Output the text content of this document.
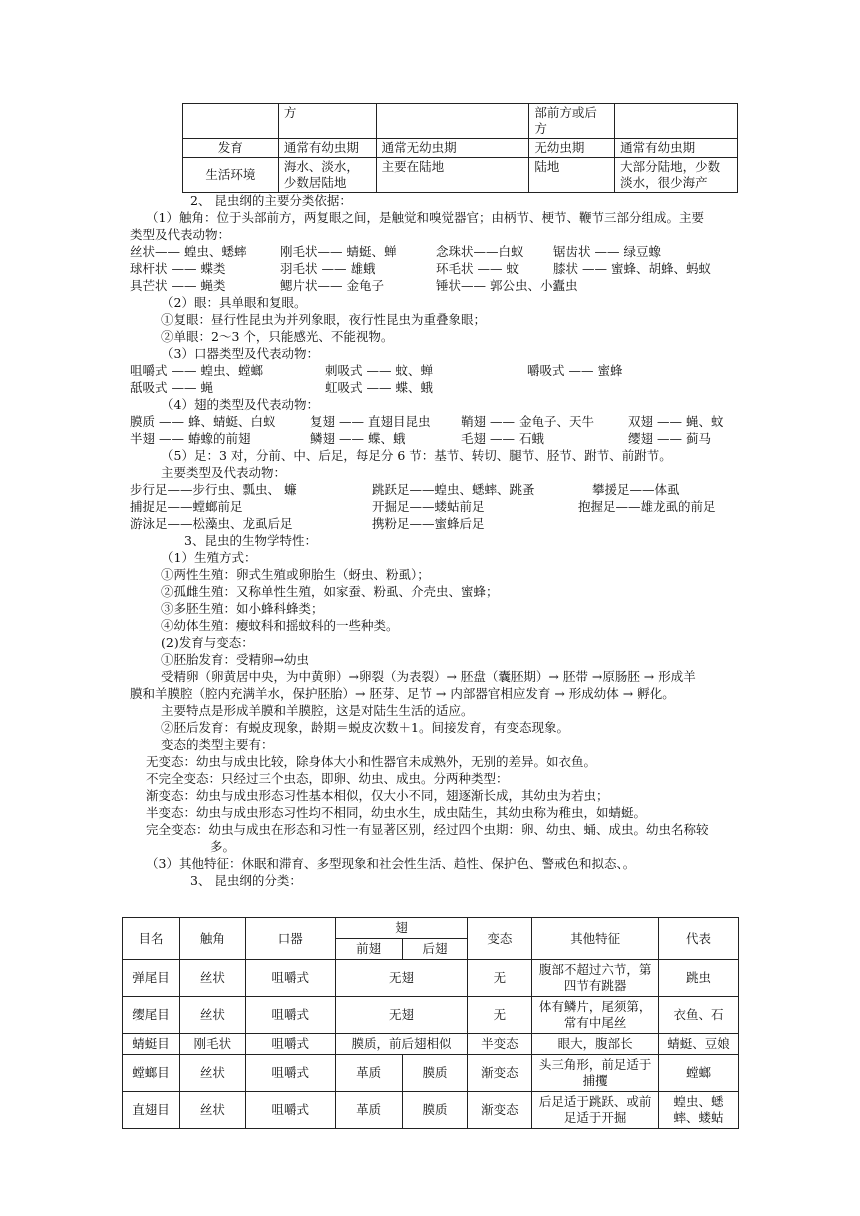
	方		部前方或后方	
发育	通常有幼虫期	通常无幼虫期	无幼虫期	通常有幼虫期
生活环境	海水、淡水，少数居陆地	主要在陆地	陆地	大部分陆地，少数淡水，很少海产
2、 昆虫纲的主要分类依据：
（1）触角：位于头部前方，两复眼之间，是触觉和嗅觉器官；由柄节、梗节、鞭节三部分组成。主要
类型及代表动物：
丝状—— 蝗虫、蟋蟀	刚毛状—— 蜻蜓、蝉	念珠状——白蚁 锯齿状 —— 绿豆蟓
球杆状 —— 蝶类	羽毛状 —— 雄蛾	环毛状 —— 蚊	膝状 —— 蜜蜂、胡蜂、蚂蚁
具芒状 —— 蝇类	鳃片状—— 金龟子	锤状—— 郭公虫、小蠹虫
（2）眼：具单眼和复眼。
①复眼：昼行性昆虫为并列象眼，夜行性昆虫为重叠象眼；
②单眼：2～3 个，只能感光、不能视物。
（3）口器类型及代表动物：
咀嚼式 —— 蝗虫、螳螂	刺吸式 —— 蚊、蝉	嚼吸式 —— 蜜蜂
舐吸式 —— 蝇	虹吸式 —— 蝶、蛾
（4）翅的类型及代表动物：
膜质 —— 蜂、蜻蜓、白蚁	复翅 —— 直翅目昆虫 鞘翅 —— 金龟子、天牛	双翅 —— 蝇、蚊
半翅 —— 蝽蟓的前翅	鳞翅 —— 蝶、蛾	毛翅 —— 石蛾	缨翅 —— 蓟马
（5）足：3 对，分前、中、后足，每足分 6 节：基节、转切、腿节、胫节、跗节、前跗节。
主要类型及代表动物：
步行足——步行虫、瓢虫、 蠊	跳跃足——蝗虫、蟋蟀、跳蚤	攀援足——体虱
捕捉足——螳螂前足	开掘足——蝼蛄前足	抱握足——雄龙虱的前足
游泳足——松藻虫、龙虱后足	携粉足——蜜蜂后足
3、昆虫的生物学特性：
（1）生殖方式：
①两性生殖：卵式生殖或卵胎生（蚜虫、粉虱）；
②孤雌生殖：又称单性生殖，如家蚕、粉虱、介壳虫、蜜蜂；
③多胚生殖：如小蜂科蜂类；
④幼体生殖：瘿蚊科和摇蚊科的一些种类。
(2)发育与变态：
①胚胎发育：受精卵→幼虫
受精卵（卵黄居中央，为中黄卵）→卵裂（为表裂）→ 胚盘（囊胚期）→ 胚带 →原肠胚 → 形成羊
膜和羊膜腔（腔内充满羊水，保护胚胎）→ 胚芽、足节 → 内部器官相应发育 → 形成幼体 → 孵化。
主要特点是形成羊膜和羊膜腔，这是对陆生生活的适应。
②胚后发育：有蜕皮现象，龄期＝蜕皮次数＋1。间接发育，有变态现象。
变态的类型主要有：
无变态：幼虫与成虫比较，除身体大小和性器官未成熟外，无别的差异。如衣鱼。
不完全变态：只经过三个虫态，即卵、幼虫、成虫。分两种类型：
渐变态：幼虫与成虫形态习性基本相似，仅大小不同，翅逐渐长成，其幼虫为若虫；
半变态：幼虫与成虫形态习性均不相同，幼虫水生，成虫陆生，其幼虫称为稚虫，如蜻蜓。
完全变态：幼虫与成虫在形态和习性一有显著区别，经过四个虫期：卵、幼虫、蛹、成虫。幼虫名称较
多。
（3）其他特征：休眠和滞育、多型现象和社会性生活、趋性、保护色、警戒色和拟态、。
3、 昆虫纲的分类：
目名	触角	口器	翅		变态	其他特征	代表
			前翅	后翅			
弹尾目	丝状	咀嚼式	无翅		无	腹部不超过六节，第四节有跳器	跳虫
缨尾目	丝状	咀嚼式	无翅		无	体有鳞片，尾须第，常有中尾丝	衣鱼、石
蜻蜓目	刚毛状	咀嚼式	膜质，前后翅相似		半变态	眼大，腹部长	蜻蜓、豆娘
螳螂目	丝状	咀嚼式	革质	膜质	渐变态	头三角形，前足适于捕攫	螳螂
直翅目	丝状	咀嚼式	革质	膜质	渐变态	后足适于跳跃、或前足适于开掘	蝗虫、蟋蟀、蝼蛄
